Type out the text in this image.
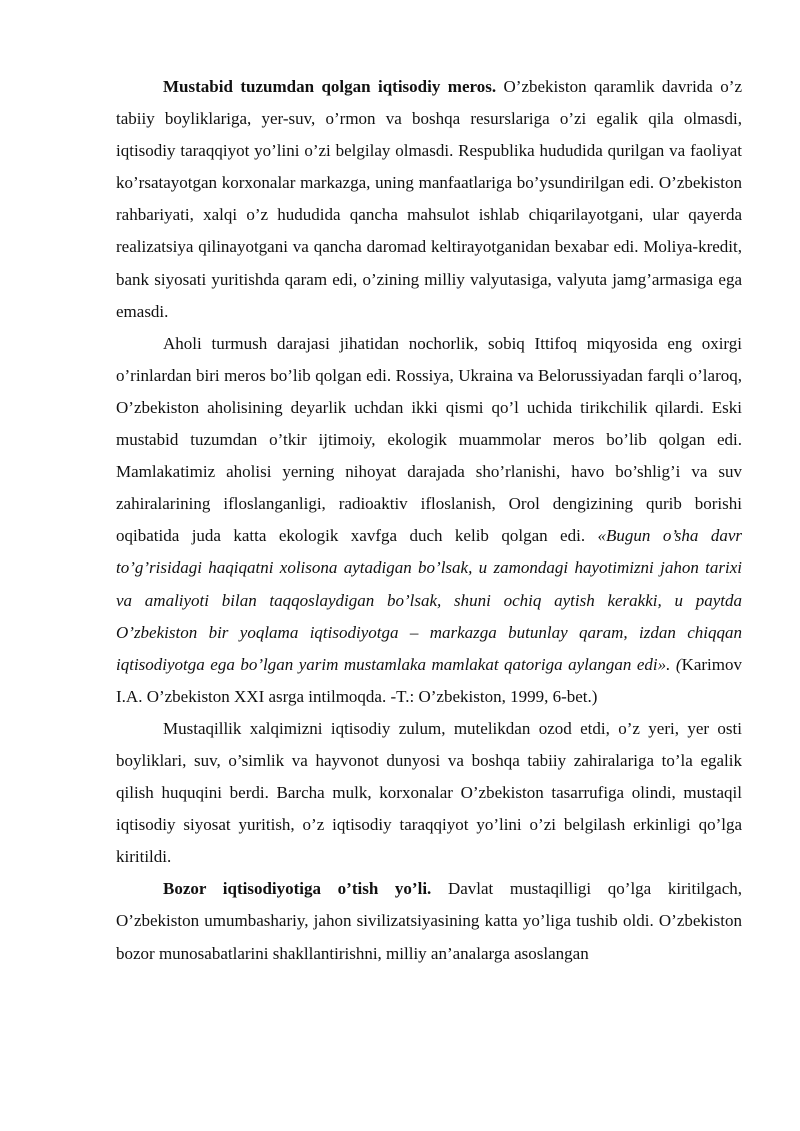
Mustabid tuzumdan qolgan iqtisodiy meros. O’zbekiston qaramlik davrida o’z tabiiy boyliklariga, yer-suv, o’rmon va boshqa resurslariga o’zi egalik qila olmasdi, iqtisodiy taraqqiyot yo’lini o’zi belgilay olmasdi. Respublika hududida qurilgan va faoliyat ko’rsatayotgan korxonalar markazga, uning manfaatlariga bo’ysundirilgan edi. O’zbekiston rahbariyati, xalqi o’z hududida qancha mahsulot ishlab chiqarilayotgani, ular qayerda realizatsiya qilinayotgani va qancha daromad keltirayotganidan bexabar edi. Moliya-kredit, bank siyosati yuritishda qaram edi, o’zining milliy valyutasiga, valyuta jamg’armasiga ega emasdi.

Aholi turmush darajasi jihatidan nochorlik, sobiq Ittifoq miqyosida eng oxirgi o’rinlardan biri meros bo’lib qolgan edi. Rossiya, Ukraina va Belorussiyadan farqli o’laroq, O’zbekiston aholisining deyarlik uchdan ikki qismi qo’l uchida tirikchilik qilardi. Eski mustabid tuzumdan o’tkir ijtimoiy, ekologik muammolar meros bo’lib qolgan edi. Mamlakatimiz aholisi yerning nihoyat darajada sho’rlanishi, havo bo’shlig’i va suv zahiralarining ifloslanganligi, radioaktiv ifloslanish, Orol dengizining qurib borishi oqibatida juda katta ekologik xavfga duch kelib qolgan edi. «Bugun o’sha davr to’g’risidagi haqiqatni xolisona aytadigan bo’lsak, u zamondagi hayotimizni jahon tarixi va amaliyoti bilan taqqoslaydigan bo’lsak, shuni ochiq aytish kerakki, u paytda O’zbekiston bir yoqlama iqtisodiyotga – markazga butunlay qaram, izdan chiqqan iqtisodiyotga ega bo’lgan yarim mustamlaka mamlakat qatoriga aylangan edi». (Karimov I.A. O’zbekiston XXI asrga intilmoqda. -T.: O’zbekiston, 1999, 6-bet.)

Mustaqillik xalqimizni iqtisodiy zulum, mutelikdan ozod etdi, o’z yeri, yer osti boyliklari, suv, o’simlik va hayvonot dunyosi va boshqa tabiiy zahiralariga to’la egalik qilish huquqini berdi. Barcha mulk, korxonalar O’zbekiston tasarrufiga olindi, mustaqil iqtisodiy siyosat yuritish, o’z iqtisodiy taraqqiyot yo’lini o’zi belgilash erkinligi qo’lga kiritildi.

Bozor iqtisodiyotiga o’tish yo’li. Davlat mustaqilligi qo’lga kiritilgach, O’zbekiston umumbashariy, jahon sivilizatsiyasining katta yo’liga tushib oldi. O’zbekiston bozor munosabatlarini shakllantirishni, milliy an’analarga asoslangan
